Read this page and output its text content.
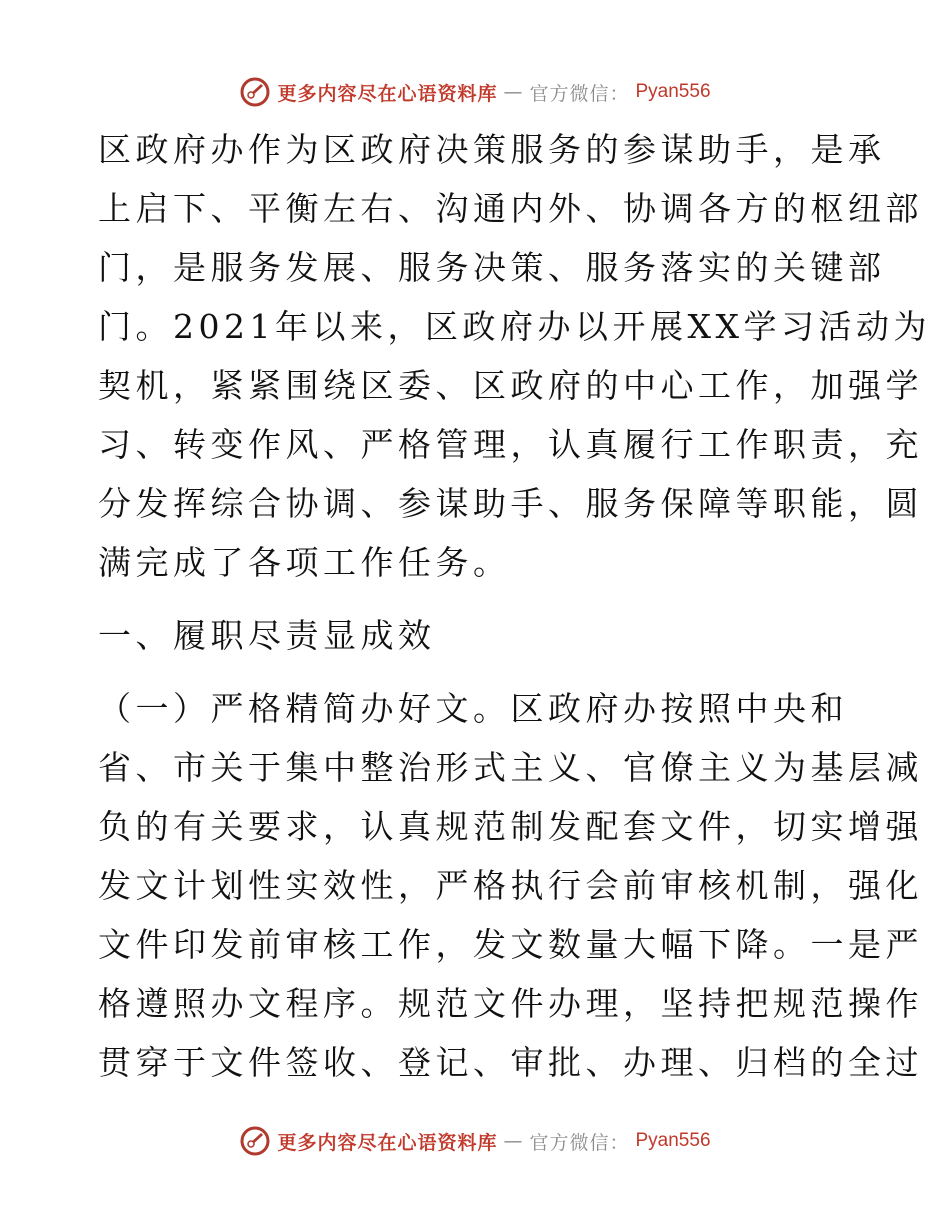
更多内容尽在心语资料库 — 官方微信： Pyan556
区政府办作为区政府决策服务的参谋助手，是承
上启下、平衡左右、沟通内外、协调各方的枢纽部
门，是服务发展、服务决策、服务落实的关键部
门。2021年以来，区政府办以开展XX学习活动为
契机，紧紧围绕区委、区政府的中心工作，加强学
习、转变作风、严格管理，认真履行工作职责，充
分发挥综合协调、参谋助手、服务保障等职能，圆
满完成了各项工作任务。
一、履职尽责显成效
（一）严格精简办好文。区政府办按照中央和
省、市关于集中整治形式主义、官僚主义为基层减
负的有关要求，认真规范制发配套文件，切实增强
发文计划性实效性，严格执行会前审核机制，强化
文件印发前审核工作，发文数量大幅下降。一是严
格遵照办文程序。规范文件办理，坚持把规范操作
贯穿于文件签收、登记、审批、办理、归档的全过
更多内容尽在心语资料库 — 官方微信： Pyan556
